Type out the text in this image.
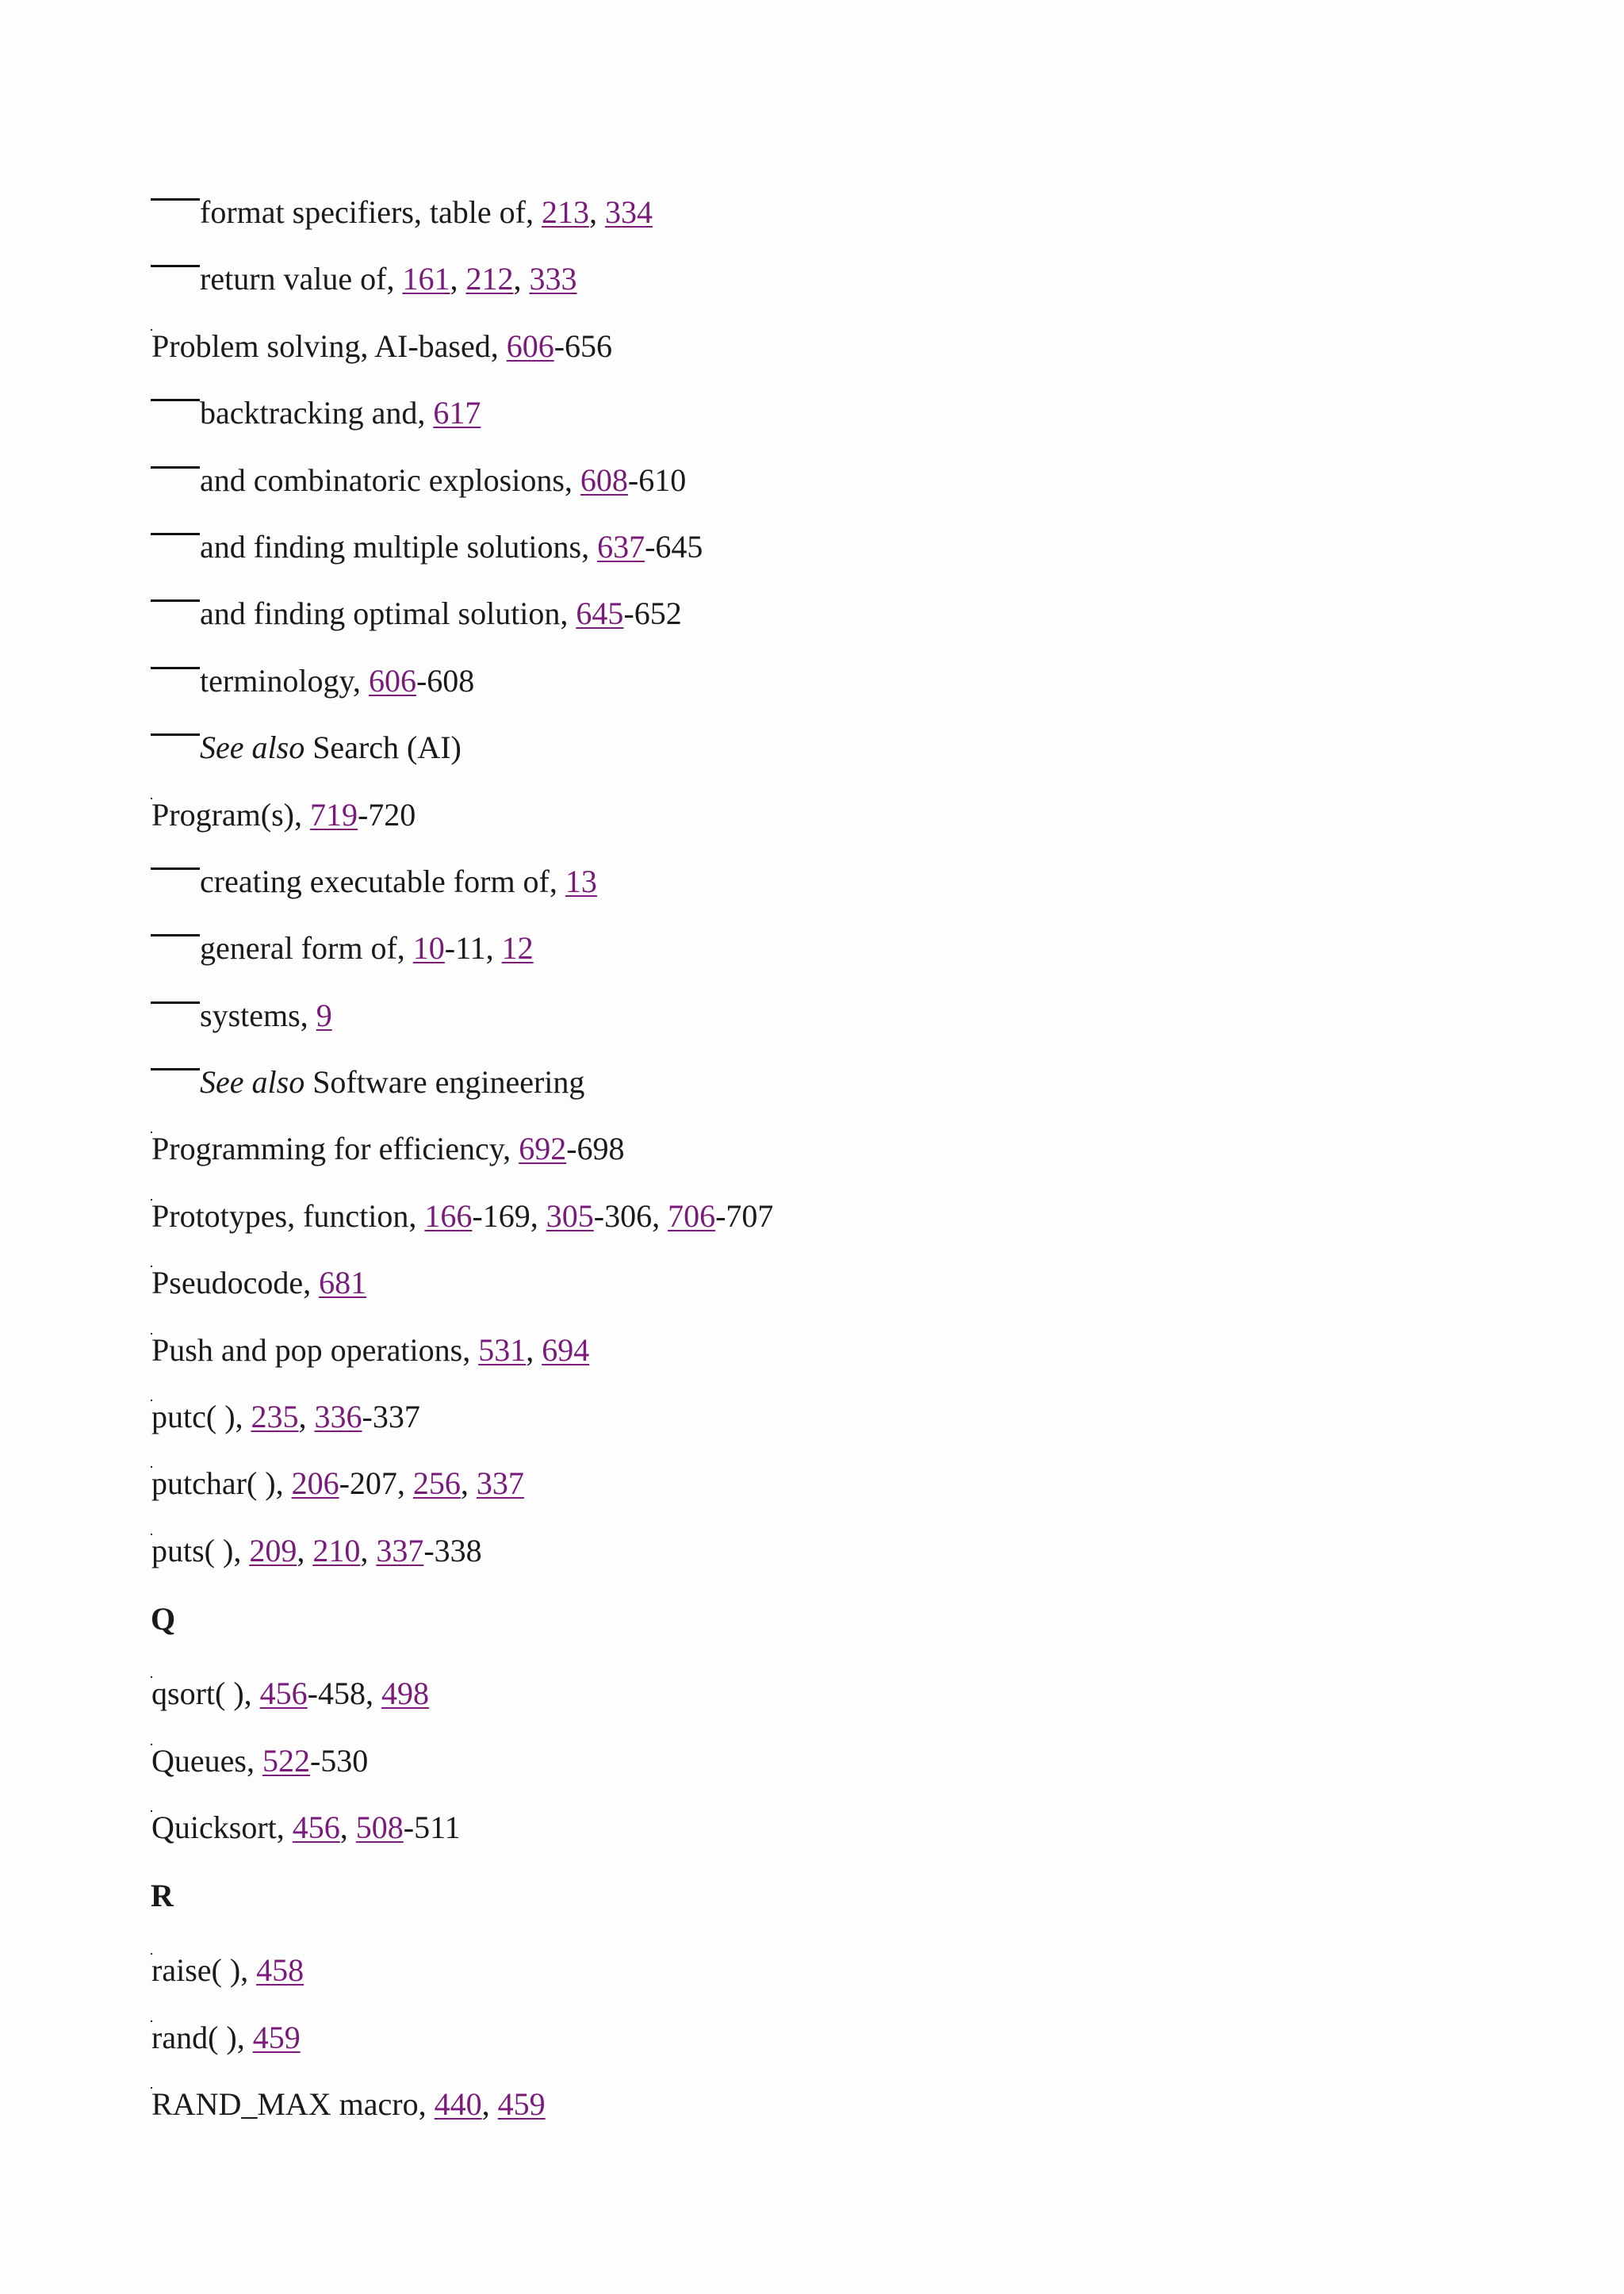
format specifiers, table of, 213, 334
return value of, 161, 212, 333
Problem solving, AI-based, 606-656
backtracking and, 617
and combinatoric explosions, 608-610
and finding multiple solutions, 637-645
and finding optimal solution, 645-652
terminology, 606-608
See also Search (AI)
Program(s), 719-720
creating executable form of, 13
general form of, 10-11, 12
systems, 9
See also Software engineering
Programming for efficiency, 692-698
Prototypes, function, 166-169, 305-306, 706-707
Pseudocode, 681
Push and pop operations, 531, 694
putc( ), 235, 336-337
putchar( ), 206-207, 256, 337
puts( ), 209, 210, 337-338
Q
qsort( ), 456-458, 498
Queues, 522-530
Quicksort, 456, 508-511
R
raise( ), 458
rand( ), 459
RAND_MAX macro, 440, 459
